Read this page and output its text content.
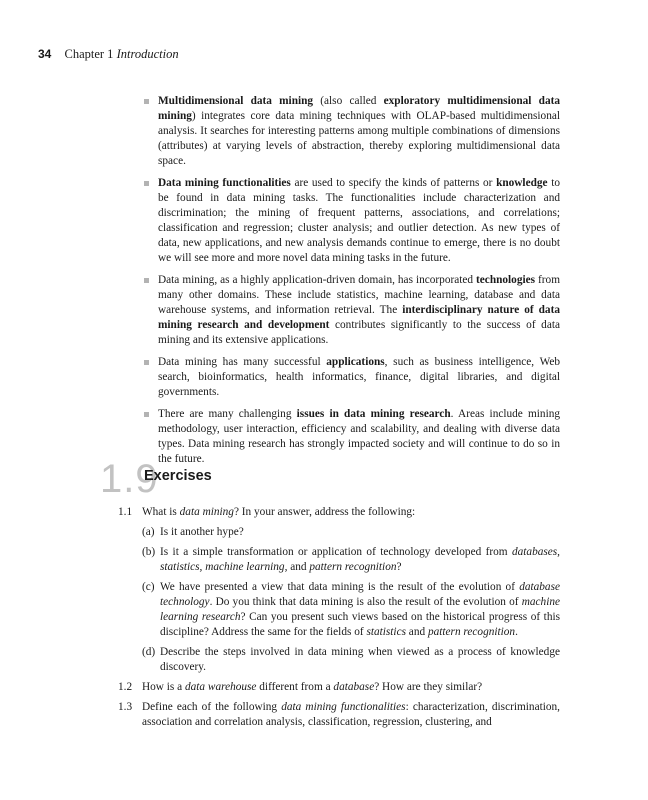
34 Chapter 1 Introduction
Multidimensional data mining (also called exploratory multidimensional data mining) integrates core data mining techniques with OLAP-based multidimensional analysis. It searches for interesting patterns among multiple combinations of dimensions (attributes) at varying levels of abstraction, thereby exploring multidimensional data space.
Data mining functionalities are used to specify the kinds of patterns or knowledge to be found in data mining tasks. The functionalities include characterization and discrimination; the mining of frequent patterns, associations, and correlations; classification and regression; cluster analysis; and outlier detection. As new types of data, new applications, and new analysis demands continue to emerge, there is no doubt we will see more and more novel data mining tasks in the future.
Data mining, as a highly application-driven domain, has incorporated technologies from many other domains. These include statistics, machine learning, database and data warehouse systems, and information retrieval. The interdisciplinary nature of data mining research and development contributes significantly to the success of data mining and its extensive applications.
Data mining has many successful applications, such as business intelligence, Web search, bioinformatics, health informatics, finance, digital libraries, and digital governments.
There are many challenging issues in data mining research. Areas include mining methodology, user interaction, efficiency and scalability, and dealing with diverse data types. Data mining research has strongly impacted society and will continue to do so in the future.
1.9
Exercises
1.1 What is data mining? In your answer, address the following:
(a) Is it another hype?
(b) Is it a simple transformation or application of technology developed from databases, statistics, machine learning, and pattern recognition?
(c) We have presented a view that data mining is the result of the evolution of database technology. Do you think that data mining is also the result of the evolution of machine learning research? Can you present such views based on the historical progress of this discipline? Address the same for the fields of statistics and pattern recognition.
(d) Describe the steps involved in data mining when viewed as a process of knowledge discovery.
1.2 How is a data warehouse different from a database? How are they similar?
1.3 Define each of the following data mining functionalities: characterization, discrimination, association and correlation analysis, classification, regression, clustering, and
